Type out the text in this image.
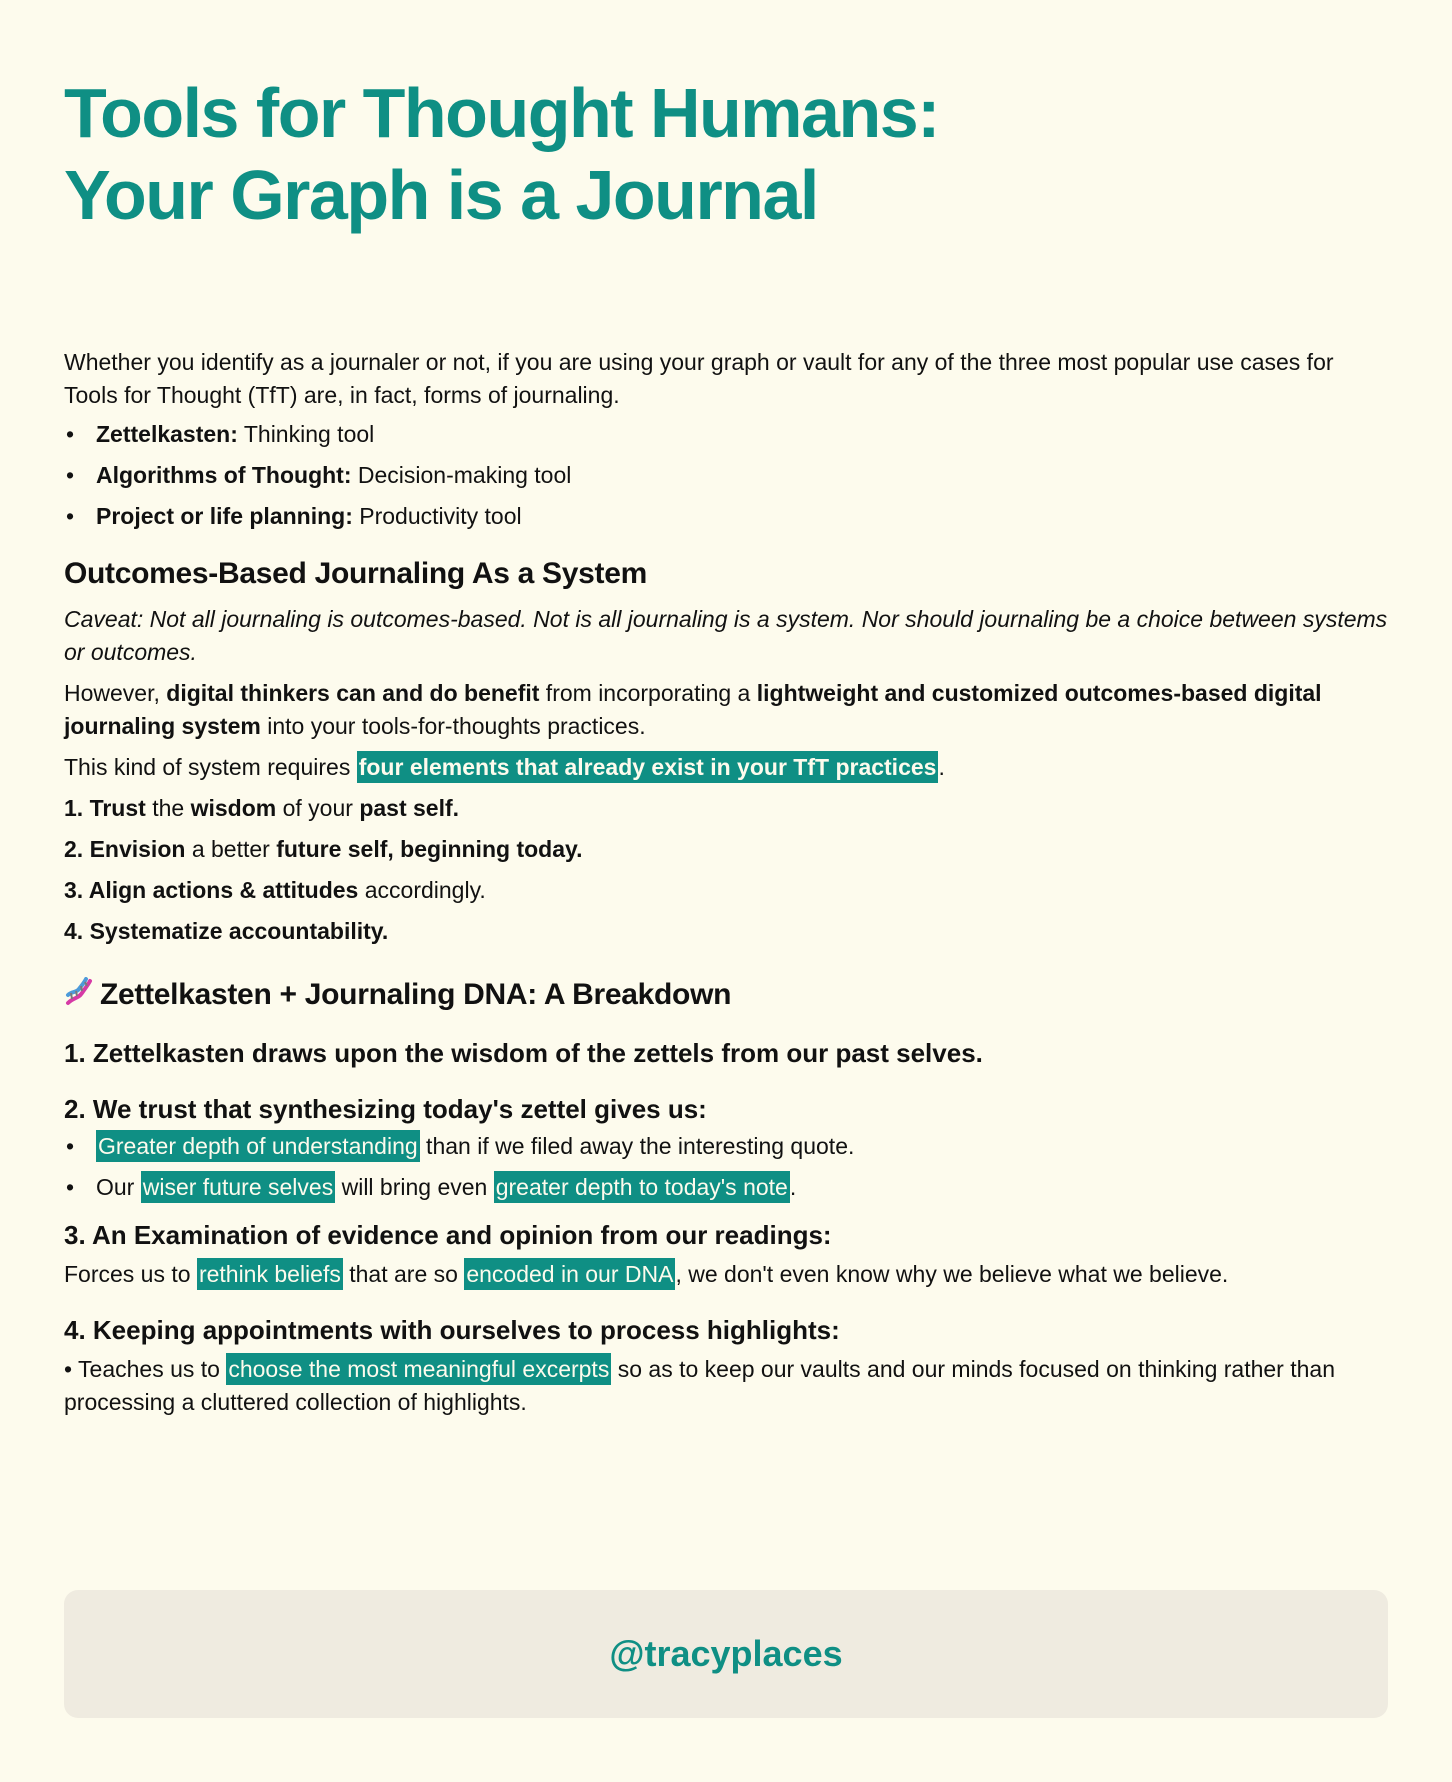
Tools for Thought Humans:
Your Graph is a Journal

Whether you identify as a journaler or not, if you are using your graph or vault for any of the three most popular use cases for Tools for Thought (TfT) are, in fact, forms of journaling.

• Zettelkasten: Thinking tool
• Algorithms of Thought: Decision-making tool
• Project or life planning: Productivity tool
Outcomes-Based Journaling As a System

Caveat: Not all journaling is outcomes-based. Not is all journaling is a system. Nor should journaling be a choice between systems or outcomes.

However, digital thinkers can and do benefit from incorporating a lightweight and customized outcomes-based digital journaling system into your tools-for-thoughts practices.

This kind of system requires four elements that already exist in your TfT practices.

1. Trust the wisdom of your past self.
2. Envision a better future self, beginning today.
3. Align actions & attitudes accordingly.
4. Systematize accountability.
Zettelkasten + Journaling DNA: A Breakdown
1. Zettelkasten draws upon the wisdom of the zettels from our past selves.
2. We trust that synthesizing today's zettel gives us:
• Greater depth of understanding than if we filed away the interesting quote.
• Our wiser future selves will bring even greater depth to today's note.
3. An Examination of evidence and opinion from our readings:

Forces us to rethink beliefs that are so encoded in our DNA, we don't even know why we believe what we believe.

4. Keeping appointments with ourselves to process highlights:

• Teaches us to choose the most meaningful excerpts so as to keep our vaults and our minds focused on thinking rather than processing a cluttered collection of highlights.

@tracyplaces
